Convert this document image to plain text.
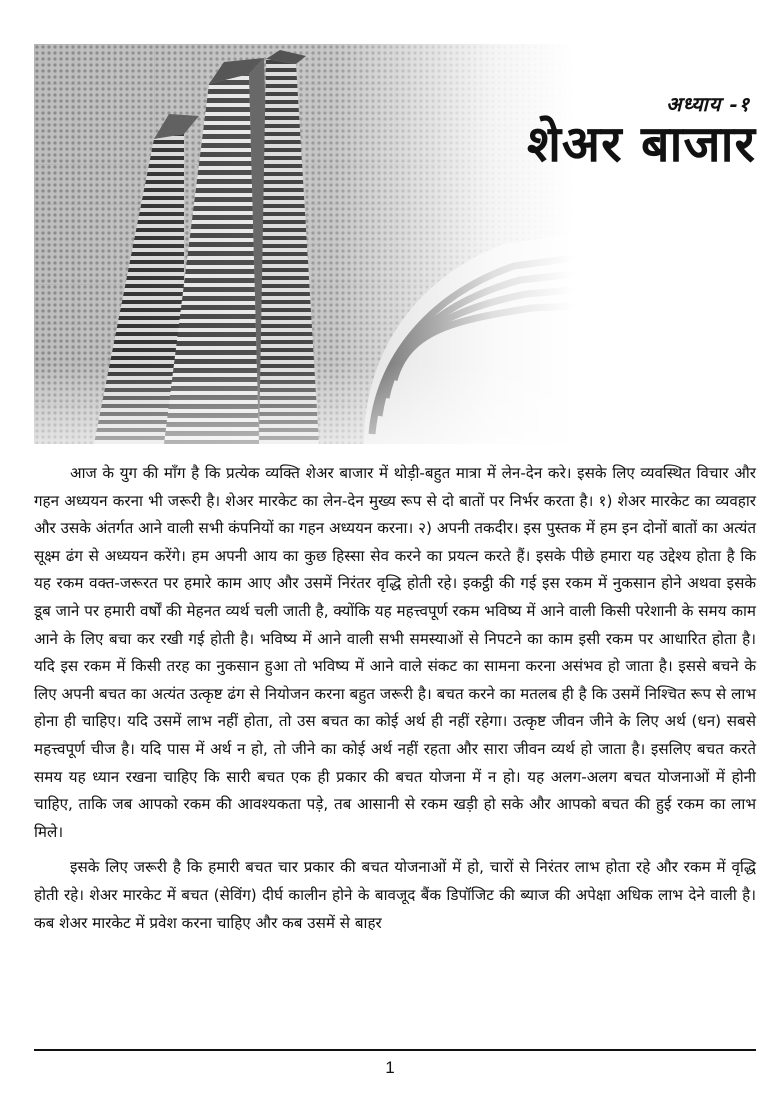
अध्याय -१
शेअर बाजार

आज के युग की माँग है कि प्रत्येक व्यक्ति शेअर बाजार में थोड़ी-बहुत मात्रा में लेन-देन करे। इसके लिए व्यवस्थित विचार और गहन अध्ययन करना भी जरूरी है। शेअर मारकेट का लेन-देन मुख्य रूप से दो बातों पर निर्भर करता है। १) शेअर मारकेट का व्यवहार और उसके अंतर्गत आने वाली सभी कंपनियों का गहन अध्ययन करना। २) अपनी तकदीर। इस पुस्तक में हम इन दोनों बातों का अत्यंत सूक्ष्म ढंग से अध्ययन करेंगे। हम अपनी आय का कुछ हिस्सा सेव करने का प्रयत्न करते हैं। इसके पीछे हमारा यह उद्देश्य होता है कि यह रकम वक्त-जरूरत पर हमारे काम आए और उसमें निरंतर वृद्धि होती रहे। इकट्ठी की गई इस रकम में नुकसान होने अथवा इसके डूब जाने पर हमारी वर्षों की मेहनत व्यर्थ चली जाती है, क्योंकि यह महत्त्वपूर्ण रकम भविष्य में आने वाली किसी परेशानी के समय काम आने के लिए बचा कर रखी गई होती है। भविष्य में आने वाली सभी समस्याओं से निपटने का काम इसी रकम पर आधारित होता है। यदि इस रकम में किसी तरह का नुकसान हुआ तो भविष्य में आने वाले संकट का सामना करना असंभव हो जाता है। इससे बचने के लिए अपनी बचत का अत्यंत उत्कृष्ट ढंग से नियोजन करना बहुत जरूरी है। बचत करने का मतलब ही है कि उसमें निश्चित रूप से लाभ होना ही चाहिए। यदि उसमें लाभ नहीं होता, तो उस बचत का कोई अर्थ ही नहीं रहेगा। उत्कृष्ट जीवन जीने के लिए अर्थ (धन) सबसे महत्त्वपूर्ण चीज है। यदि पास में अर्थ न हो, तो जीने का कोई अर्थ नहीं रहता और सारा जीवन व्यर्थ हो जाता है। इसलिए बचत करते समय यह ध्यान रखना चाहिए कि सारी बचत एक ही प्रकार की बचत योजना में न हो। यह अलग-अलग बचत योजनाओं में होनी चाहिए, ताकि जब आपको रकम की आवश्यकता पड़े, तब आसानी से रकम खड़ी हो सके और आपको बचत की हुई रकम का लाभ मिले।

इसके लिए जरूरी है कि हमारी बचत चार प्रकार की बचत योजनाओं में हो, चारों से निरंतर लाभ होता रहे और रकम में वृद्धि होती रहे। शेअर मारकेट में बचत (सेविंग) दीर्घ कालीन होने के बावजूद बैंक डिपॉजिट की ब्याज की अपेक्षा अधिक लाभ देने वाली है। कब शेअर मारकेट में प्रवेश करना चाहिए और कब उसमें से बाहर

1
